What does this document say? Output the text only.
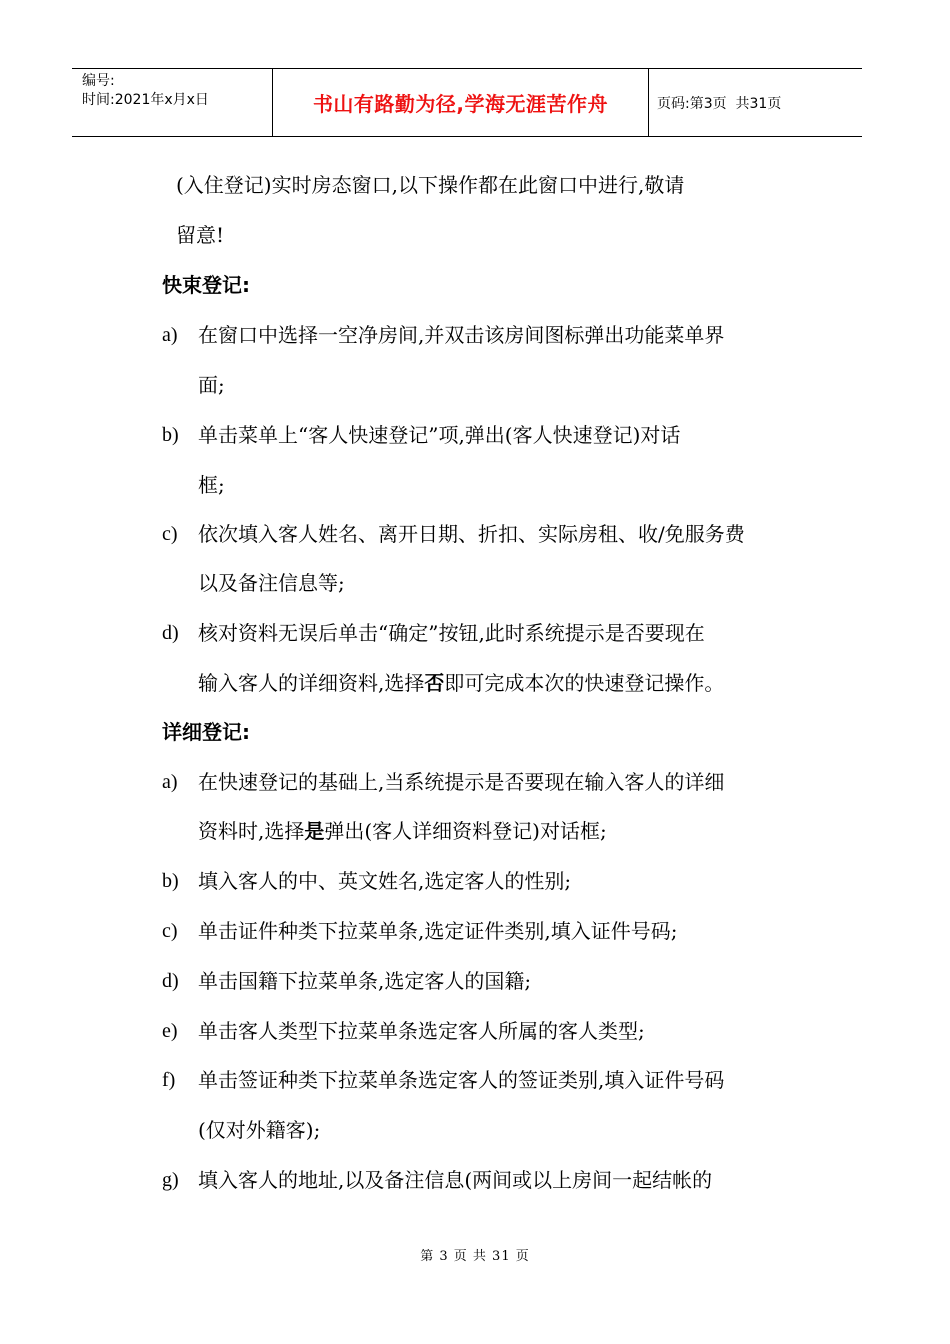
编号:
时间:2021年x月x日	书山有路勤为径,学海无涯苦作舟	页码:第3页  共31页
(入住登记)实时房态窗口,以下操作都在此窗口中进行,敬请
留意!
快束登记:
a) 在窗口中选择一空净房间,并双击该房间图标弹出功能菜单界
面;
b) 单击菜单上“客人快速登记”项,弹出(客人快速登记)对话
框;
c) 依次填入客人姓名、离开日期、折扣、实际房租、收/免服务费
以及备注信息等;
d) 核对资料无误后单击“确定”按钮,此时系统提示是否要现在
输入客人的详细资料,选择否即可完成本次的快速登记操作。
详细登记:
a) 在快速登记的基础上,当系统提示是否要现在输入客人的详细
资料时,选择是弹出(客人详细资料登记)对话框;
b) 填入客人的中、英文姓名,选定客人的性别;
c) 单击证件种类下拉菜单条,选定证件类别,填入证件号码;
d) 单击国籍下拉菜单条,选定客人的国籍;
e) 单击客人类型下拉菜单条选定客人所属的客人类型;
f) 单击签证种类下拉菜单条选定客人的签证类别,填入证件号码
(仅对外籍客);
g) 填入客人的地址,以及备注信息(两间或以上房间一起结帐的
第 3 页 共 31 页
